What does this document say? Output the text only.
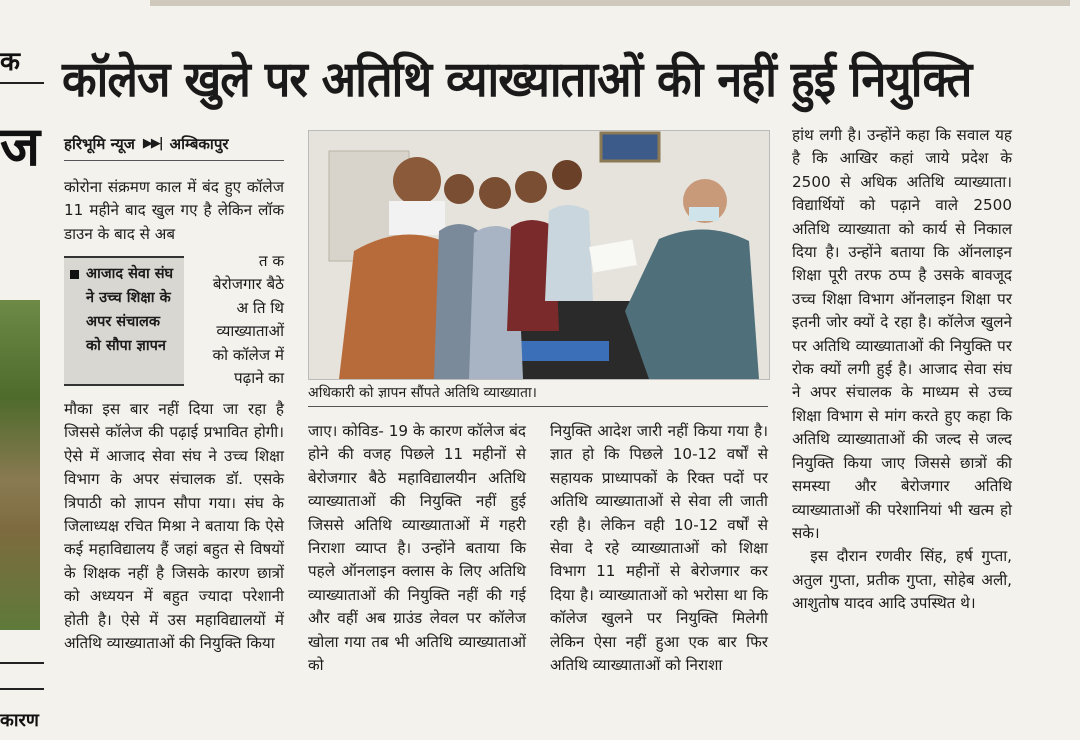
क
ज
कारण
कॉलेज खुले पर अतिथि व्याख्याताओं की नहीं हुई नियुक्ति
हरिभूमि न्यूज ▶▶| अम्बिकापुर

कोरोना संक्रमण काल में बंद हुए कॉलेज 11 महीने बाद खुल गए है लेकिन लॉक डाउन के बाद से अब

आजाद सेवा संघ ने उच्च शिक्षा के अपर संचालक को सौपा ज्ञापन
त क
बेरोजगार बैठे
अ ति थि
व्याख्याताओं
को कॉलेज में
पढ़ाने का

मौका इस बार नहीं दिया जा रहा है जिससे कॉलेज की पढ़ाई प्रभावित होगी। ऐसे में आजाद सेवा संघ ने उच्च शिक्षा विभाग के अपर संचालक डॉ. एसके त्रिपाठी को ज्ञापन सौपा गया। संघ के जिलाध्यक्ष रचित मिश्रा ने बताया कि ऐसे कई महाविद्यालय हैं जहां बहुत से विषयों के शिक्षक नहीं है जिसके कारण छात्रों को अध्ययन में बहुत ज्यादा परेशानी होती है। ऐसे में उस महाविद्यालयों में अतिथि व्याख्याताओं की नियुक्ति किया

अधिकारी को ज्ञापन सौंपते अतिथि व्याख्याता।

जाए। कोविड- 19 के कारण कॉलेज बंद होने की वजह पिछले 11 महीनों से बेरोजगार बैठे महाविद्यालयीन अतिथि व्याख्याताओं की नियुक्ति नहीं हुई जिससे अतिथि व्याख्याताओं में गहरी निराशा व्याप्त है। उन्होंने बताया कि पहले ऑनलाइन क्लास के लिए अतिथि व्याख्याताओं की नियुक्ति नहीं की गई और वहीं अब ग्राउंड लेवल पर कॉलेज खोला गया तब भी अतिथि व्याख्याताओं को

नियुक्ति आदेश जारी नहीं किया गया है। ज्ञात हो कि पिछले 10-12 वर्षों से सहायक प्राध्यापकों के रिक्त पदों पर अतिथि व्याख्याताओं से सेवा ली जाती रही है। लेकिन वही 10-12 वर्षों से सेवा दे रहे व्याख्याताओं को शिक्षा विभाग 11 महीनों से बेरोजगार कर दिया है। व्याख्याताओं को भरोसा था कि कॉलेज खुलने पर नियुक्ति मिलेगी लेकिन ऐसा नहीं हुआ एक बार फिर अतिथि व्याख्याताओं को निराशा

हांथ लगी है। उन्होंने कहा कि सवाल यह है कि आखिर कहां जाये प्रदेश के 2500 से अधिक अतिथि व्याख्याता। विद्यार्थियों को पढ़ाने वाले 2500 अतिथि व्याख्याता को कार्य से निकाल दिया है। उन्होंने बताया कि ऑनलाइन शिक्षा पूरी तरफ ठप्प है उसके बावजूद उच्च शिक्षा विभाग ऑनलाइन शिक्षा पर इतनी जोर क्यों दे रहा है। कॉलेज खुलने पर अतिथि व्याख्याताओं की नियुक्ति पर रोक क्यों लगी हुई है। आजाद सेवा संघ ने अपर संचालक के माध्यम से उच्च शिक्षा विभाग से मांग करते हुए कहा कि अतिथि व्याख्याताओं की जल्द से जल्द नियुक्ति किया जाए जिससे छात्रों की समस्या और बेरोजगार अतिथि व्याख्याताओं की परेशानियां भी खत्म हो सके।

इस दौरान रणवीर सिंह, हर्ष गुप्ता, अतुल गुप्ता, प्रतीक गुप्ता, सोहेब अली, आशुतोष यादव आदि उपस्थित थे।
